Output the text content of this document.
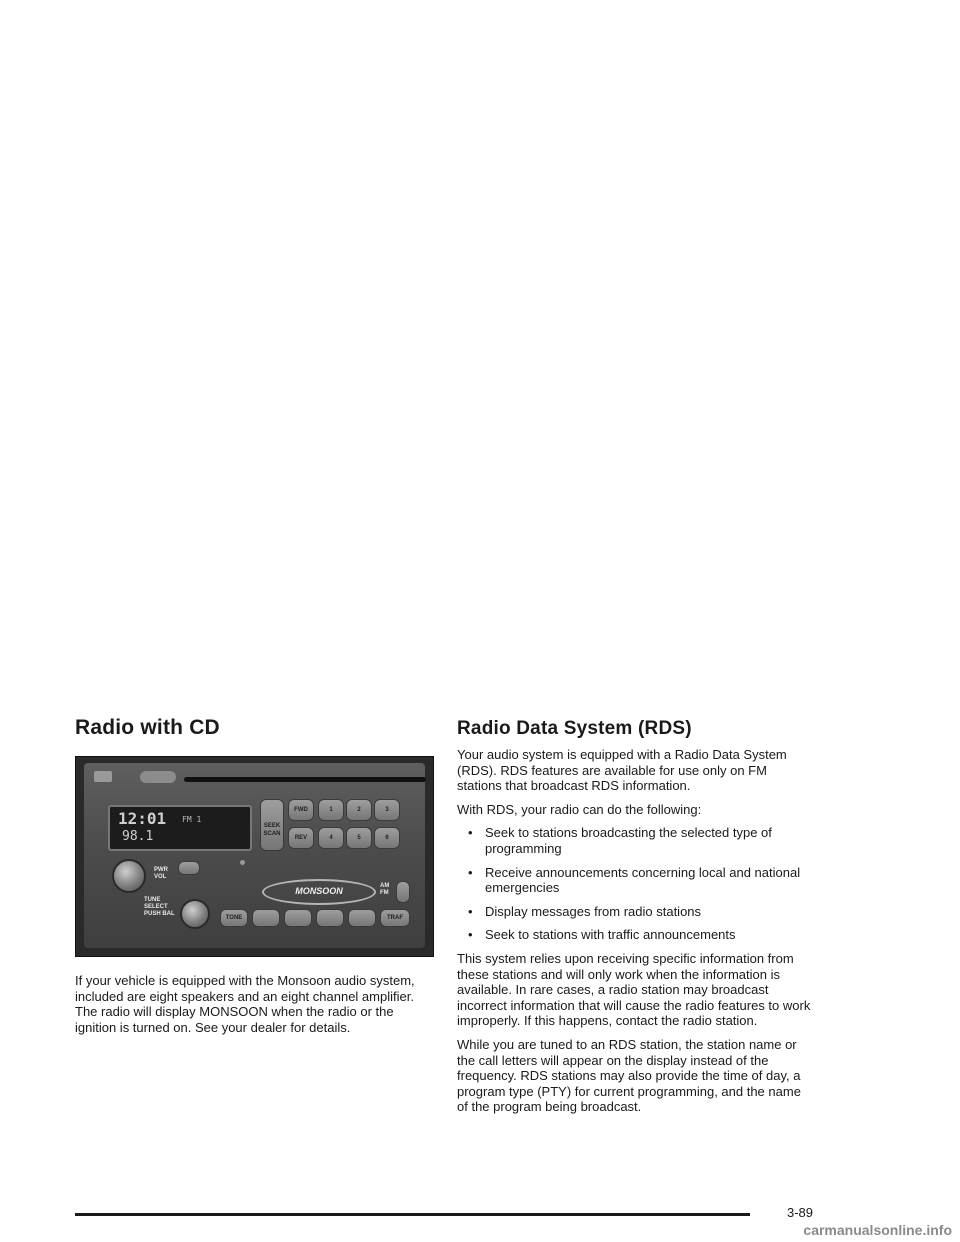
Radio with CD
12:01 FM 1
98.1
SEEK
SCAN
FWD	1	2	3
REV	4	5	6
PWR
VOL
TUNE
SELECT
PUSH BAL
MONSOON	AM
FM
TONE	TRAF

If your vehicle is equipped with the Monsoon audio system, included are eight speakers and an eight channel amplifier. The radio will display MONSOON when the radio or the ignition is turned on. See your dealer for details.

Radio Data System (RDS)

Your audio system is equipped with a Radio Data System (RDS). RDS features are available for use only on FM stations that broadcast RDS information.

With RDS, your radio can do the following:

• Seek to stations broadcasting the selected type of programming
• Receive announcements concerning local and national emergencies
• Display messages from radio stations
• Seek to stations with traffic announcements

This system relies upon receiving specific information from these stations and will only work when the information is available. In rare cases, a radio station may broadcast incorrect information that will cause the radio features to work improperly. If this happens, contact the radio station.

While you are tuned to an RDS station, the station name or the call letters will appear on the display instead of the frequency. RDS stations may also provide the time of day, a program type (PTY) for current programming, and the name of the program being broadcast.

3-89
carmanualsonline.info
